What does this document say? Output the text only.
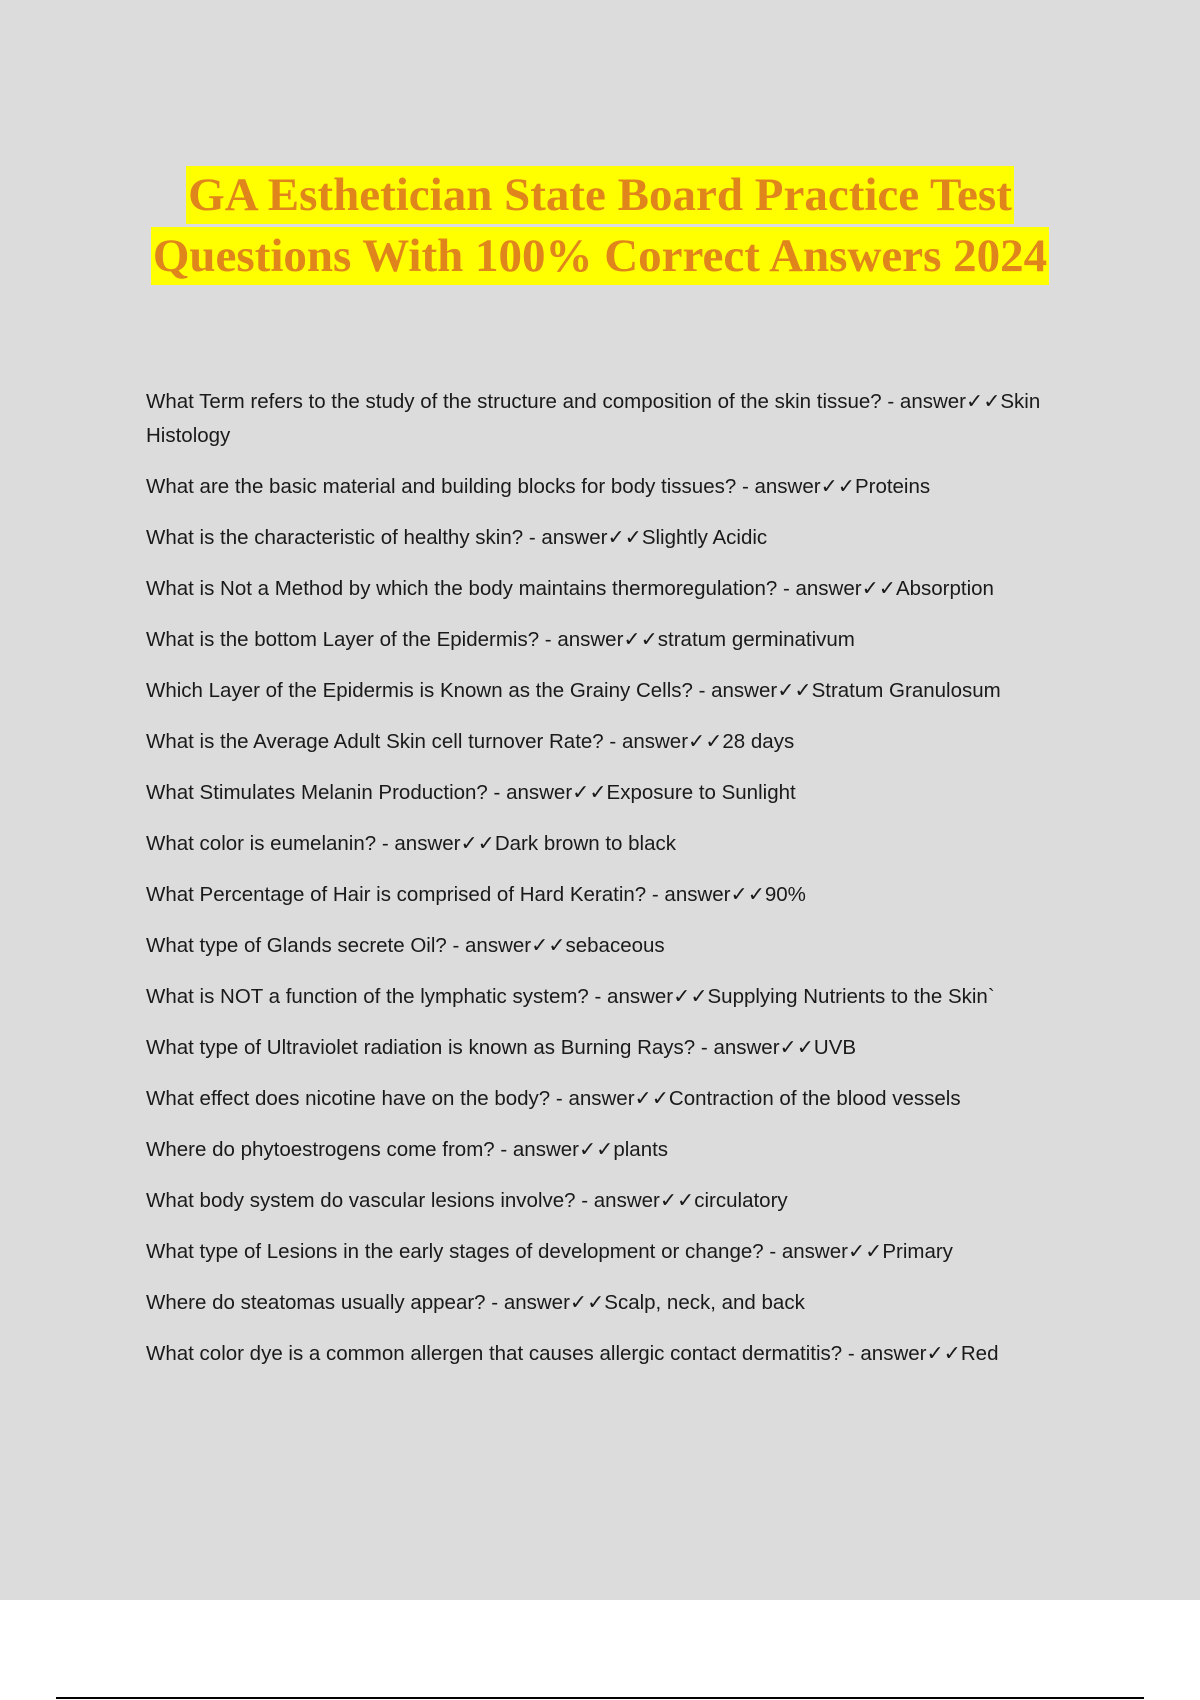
GA Esthetician State Board Practice Test
Questions With 100% Correct Answers 2024
What Term refers to the study of the structure and composition of the skin tissue? - answer✓✓Skin Histology
What are the basic material and building blocks for body tissues? - answer✓✓Proteins
What is the characteristic of healthy skin? - answer✓✓Slightly Acidic
What is Not a Method by which the body maintains thermoregulation? - answer✓✓Absorption
What is the bottom Layer of the Epidermis? - answer✓✓stratum germinativum
Which Layer of the Epidermis is Known as the Grainy Cells? - answer✓✓Stratum Granulosum
What is the Average Adult Skin cell turnover Rate? - answer✓✓28 days
What Stimulates Melanin Production? - answer✓✓Exposure to Sunlight
What color is eumelanin? - answer✓✓Dark brown to black
What Percentage of Hair is comprised of Hard Keratin? - answer✓✓90%
What type of Glands secrete Oil? - answer✓✓sebaceous
What is NOT a function of the lymphatic system? - answer✓✓Supplying Nutrients to the Skin`
What type of Ultraviolet radiation is known as Burning Rays? - answer✓✓UVB
What effect does nicotine have on the body? - answer✓✓Contraction of the blood vessels
Where do phytoestrogens come from? - answer✓✓plants
What body system do vascular lesions involve? - answer✓✓circulatory
What type of Lesions in the early stages of development or change? - answer✓✓Primary
Where do steatomas usually appear? - answer✓✓Scalp, neck, and back
What color dye is a common allergen that causes allergic contact dermatitis? - answer✓✓Red
